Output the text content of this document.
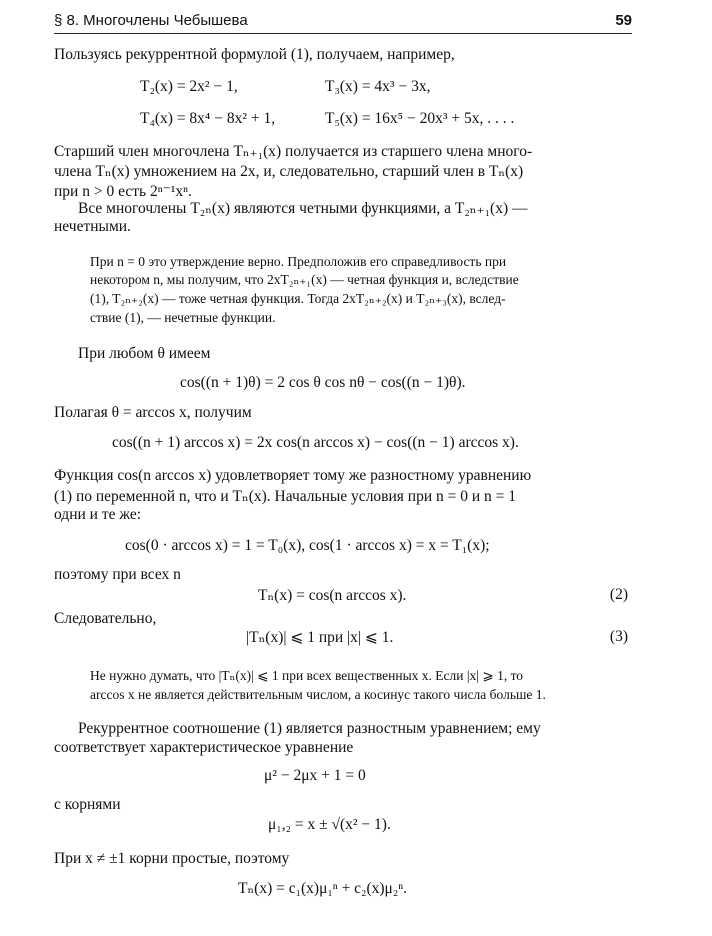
§ 8. Многочлены Чебышева	59
Пользуясь рекуррентной формулой (1), получаем, например,
T₂(x) = 2x² − 1,	T₃(x) = 4x³ − 3x,
T₄(x) = 8x⁴ − 8x² + 1,	T₅(x) = 16x⁵ − 20x³ + 5x, . . . .
Старший член многочлена Tₙ₊₁(x) получается из старшего члена много-
члена Tₙ(x) умножением на 2x, и, следовательно, старший член в Tₙ(x)
при n > 0 есть 2ⁿ⁻¹xⁿ.
Все многочлены T₂ₙ(x) являются четными функциями, а T₂ₙ₊₁(x) —
нечетными.
При n = 0 это утверждение верно. Предположив его справедливость при
некотором n, мы получим, что 2xT₂ₙ₊₁(x) — четная функция и, вследствие
(1), T₂ₙ₊₂(x) — тоже четная функция. Тогда 2xT₂ₙ₊₂(x) и T₂ₙ₊₃(x), вслед-
ствие (1), — нечетные функции.
При любом θ имеем
cos((n + 1)θ) = 2 cos θ cos nθ − cos((n − 1)θ).
Полагая θ = arccos x, получим
cos((n + 1) arccos x) = 2x cos(n arccos x) − cos((n − 1) arccos x).
Функция cos(n arccos x) удовлетворяет тому же разностному уравнению
(1) по переменной n, что и Tₙ(x). Начальные условия при n = 0 и n = 1
одни и те же:
cos(0 · arccos x) = 1 = T₀(x), cos(1 · arccos x) = x = T₁(x);
поэтому при всех n
Tₙ(x) = cos(n arccos x).	(2)
Следовательно,
|Tₙ(x)| ⩽ 1 при |x| ⩽ 1.	(3)
Не нужно думать, что |Tₙ(x)| ⩽ 1 при всех вещественных x. Если |x| ⩾ 1, то
arccos x не является действительным числом, а косинус такого числа больше 1.
Рекуррентное соотношение (1) является разностным уравнением; ему
соответствует характеристическое уравнение
μ² − 2μx + 1 = 0
с корнями
μ₁,₂ = x ± √(x² − 1).
При x ≠ ±1 корни простые, поэтому
Tₙ(x) = c₁(x)μ₁ⁿ + c₂(x)μ₂ⁿ.
